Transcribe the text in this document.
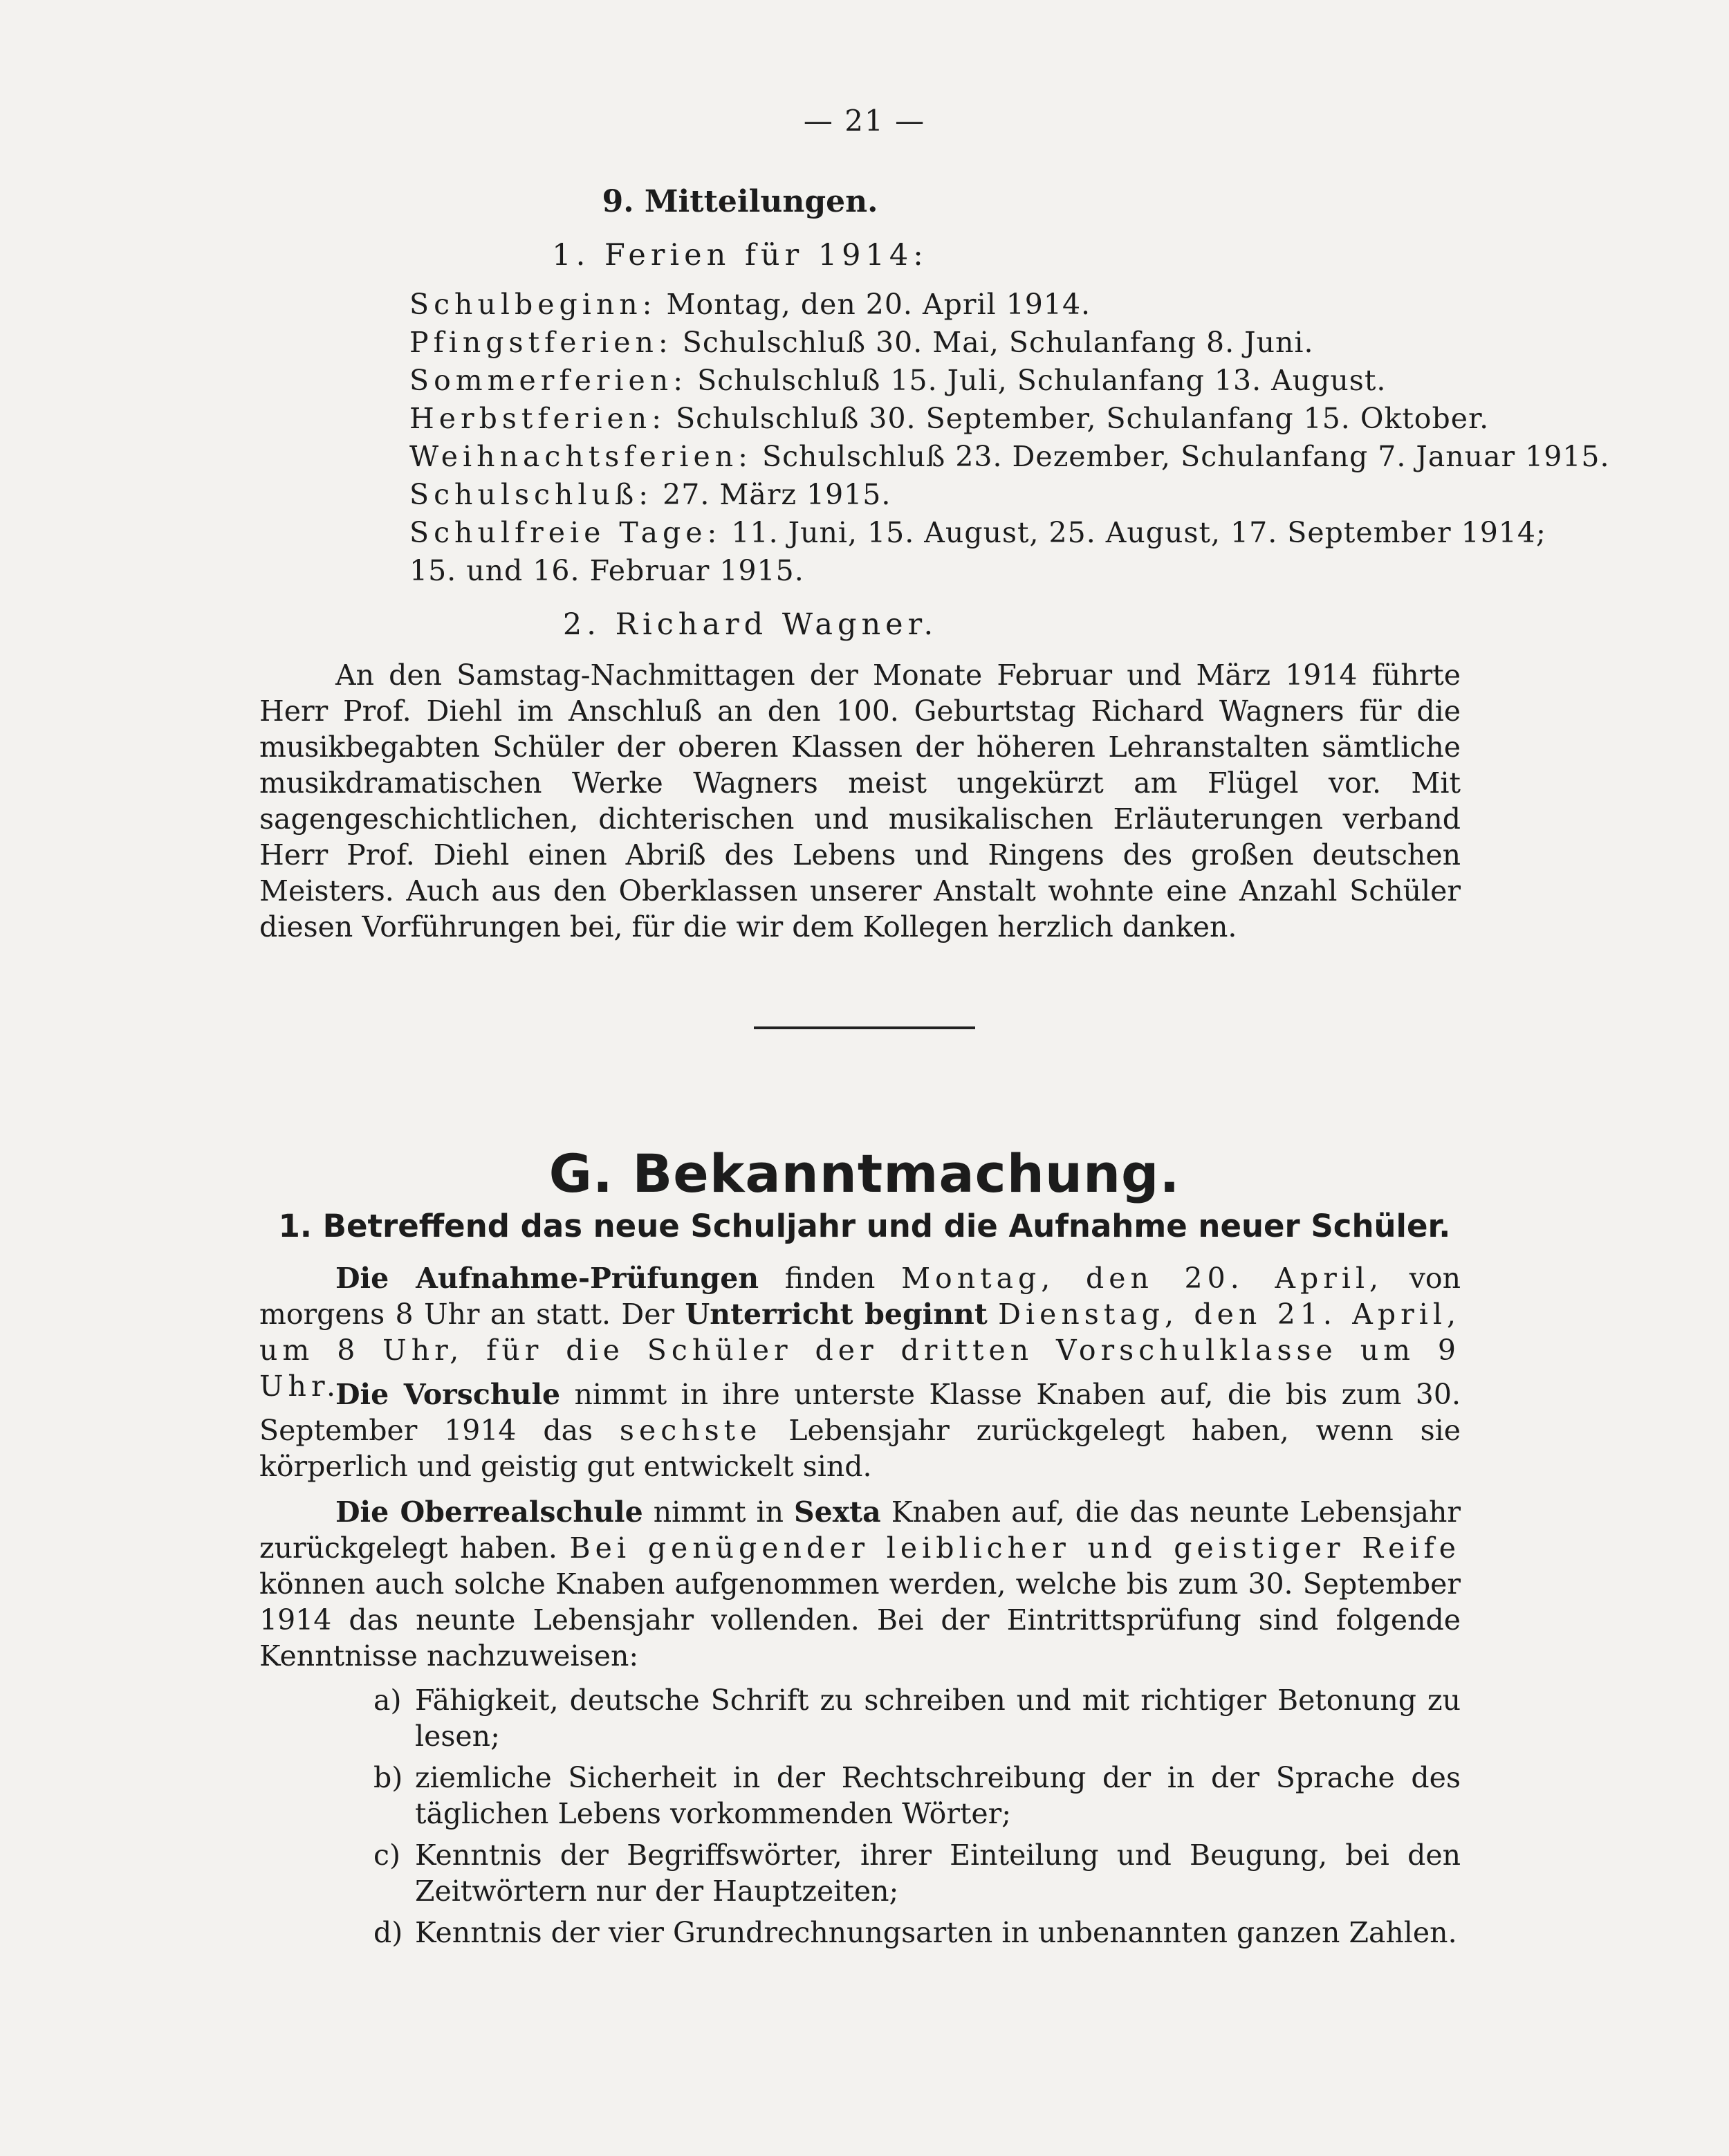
— 21 —
9. Mitteilungen.
1. Ferien für 1914:
Schulbeginn: Montag, den 20. April 1914.
Pfingstferien: Schulschluß 30. Mai, Schulanfang 8. Juni.
Sommerferien: Schulschluß 15. Juli, Schulanfang 13. August.
Herbstferien: Schulschluß 30. September, Schulanfang 15. Oktober.
Weihnachtsferien: Schulschluß 23. Dezember, Schulanfang 7. Januar 1915.
Schulschluß: 27. März 1915.
Schulfreie Tage: 11. Juni, 15. August, 25. August, 17. September 1914;
15. und 16. Februar 1915.
2. Richard Wagner.
An den Samstag-Nachmittagen der Monate Februar und März 1914 führte Herr Prof. Diehl im Anschluß an den 100. Geburtstag Richard Wagners für die musikbegabten Schüler der oberen Klassen der höheren Lehranstalten sämtliche musikdramatischen Werke Wagners meist ungekürzt am Flügel vor. Mit sagengeschichtlichen, dichterischen und musikalischen Erläuterungen verband Herr Prof. Diehl einen Abriß des Lebens und Ringens des großen deutschen Meisters. Auch aus den Oberklassen unserer Anstalt wohnte eine Anzahl Schüler diesen Vorführungen bei, für die wir dem Kollegen herzlich danken.
G. Bekanntmachung.
1. Betreffend das neue Schuljahr und die Aufnahme neuer Schüler.
Die Aufnahme-Prüfungen finden Montag, den 20. April, von morgens 8 Uhr an statt. Der Unterricht beginnt Dienstag, den 21. April, um 8 Uhr, für die Schüler der dritten Vorschulklasse um 9 Uhr.
Die Vorschule nimmt in ihre unterste Klasse Knaben auf, die bis zum 30. September 1914 das sechste Lebensjahr zurückgelegt haben, wenn sie körperlich und geistig gut entwickelt sind.
Die Oberrealschule nimmt in Sexta Knaben auf, die das neunte Lebensjahr zurückgelegt haben. Bei genügender leiblicher und geistiger Reife können auch solche Knaben aufgenommen werden, welche bis zum 30. September 1914 das neunte Lebensjahr vollenden. Bei der Eintrittsprüfung sind folgende Kenntnisse nachzuweisen:
a) Fähigkeit, deutsche Schrift zu schreiben und mit richtiger Betonung zu lesen;
b) ziemliche Sicherheit in der Rechtschreibung der in der Sprache des täglichen Lebens vorkommenden Wörter;
c) Kenntnis der Begriffswörter, ihrer Einteilung und Beugung, bei den Zeitwörtern nur der Hauptzeiten;
d) Kenntnis der vier Grundrechnungsarten in unbenannten ganzen Zahlen.
